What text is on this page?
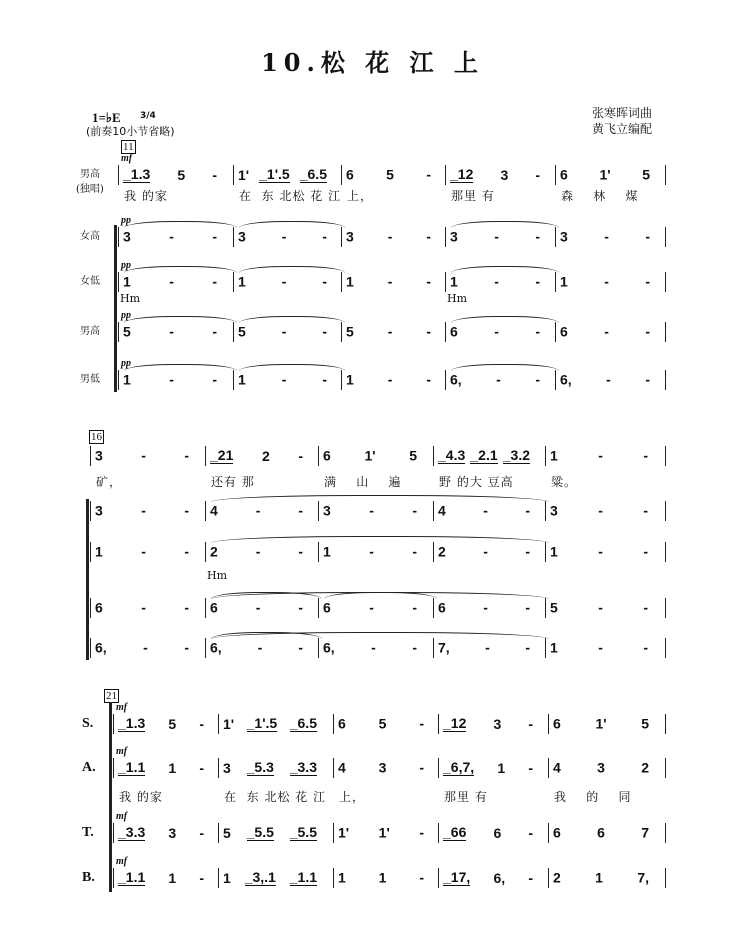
10.松 花 江 上
1=♭E 3/4
(前奏10小节省略)
张寒晖词曲
黄飞立编配
11
男高
(独唱)
mf
_1.3 5 - 1' _1'.5 _6.5 6 5 - _12 3 - 6 1' 5
我 的家	在  东 北松 花 江 上，	那里 有	森    林    煤
女高
pp
3	-	- 3	-	- 3 - - 3	-	- 3	-	-
女低
pp
1	-	- 1	-	- 1 - - 1	-	- 1	-	-
Hm	Hm
男高
pp
5	-	- 5	-	- 5 - - 6	-	- 6	-	-
男低
pp
1	-	- 1	-	- 1 - - 6, - - 6, - -
16
3	-	- _21 2 - 6 1' 5 _4.3 _2.1 _3.2 1	-	-
矿，	还有 那	满    山    遍	野 的大 豆高	粱。
3	-	- 4	-	- 3	-	- 4	-	- 3	-	-
1	-	- 2	-	- 1	-	- 2	-	- 1	-	-
Hm
6	-	- 6	-	- 6	-	- 6	-	- 5	-	-
6,	-	- 6,	-	- 6,	-	- 7,	-	- 1	-	-
21
S.
mf
_1.3 5 - 1' _1'.5 _6.5 6 5 - _12 3 - 6 1' 5
A.
mf
_1.1 1 - 3 _5.3 _3.3 4 3 - _6,7, 1 - 4	3	2
我 的家	在  东 北松 花 江 上，	那里 有	我    的    同
T.
mf
_3.3 3 - 5 _5.5 _5.5 1' 1' - _66 6 - 6	6	7
B.
mf
_1.1 1 - 1 _3,.1 _1.1 1 1 - _17, 6, - 2 1 7,
